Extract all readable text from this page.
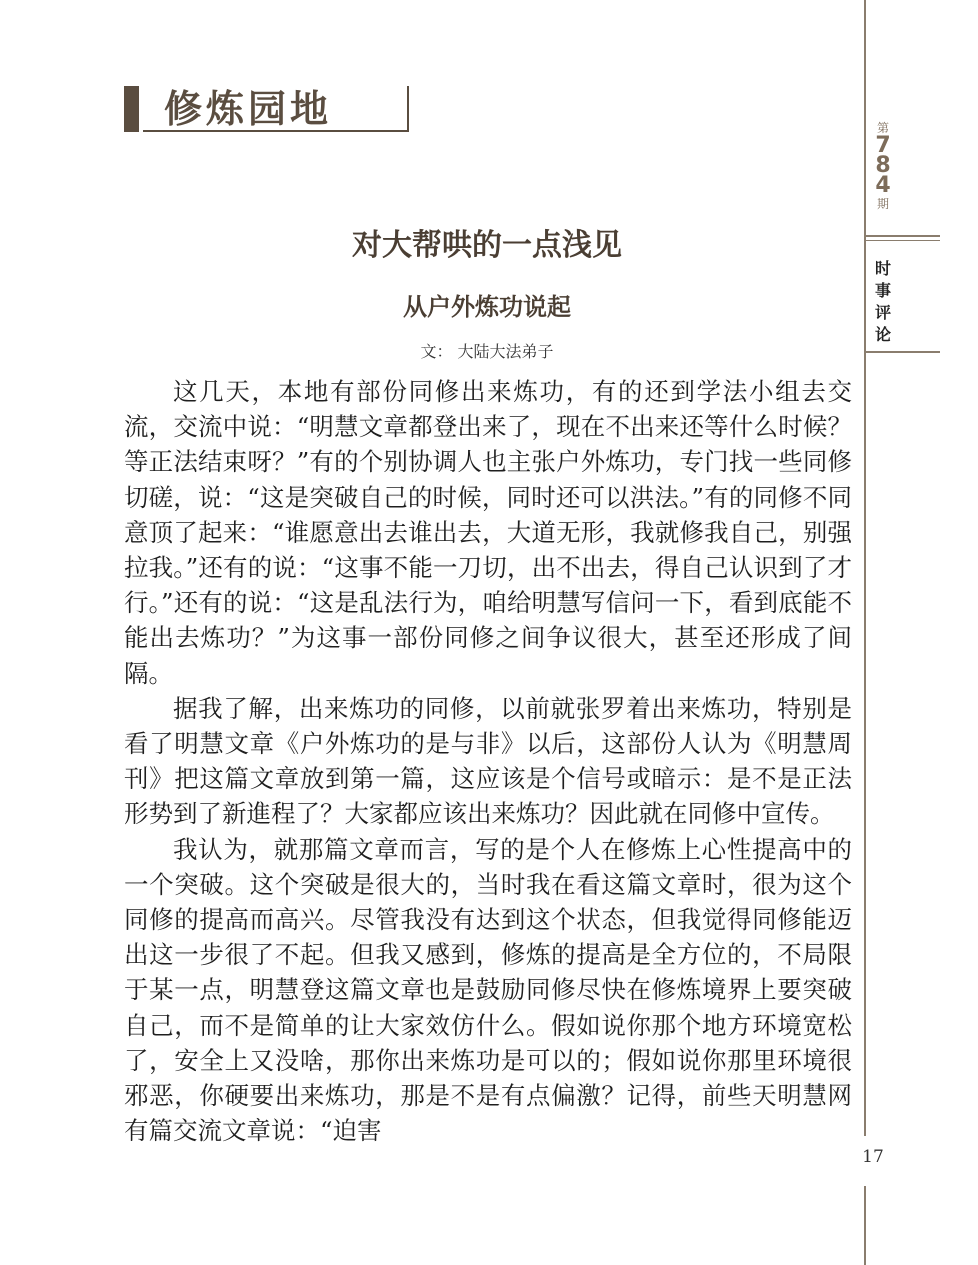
第
7
8
4
期
时
事
评
论
修炼园地
对大帮哄的一点浅见
从户外炼功说起
文： 大陆大法弟子

这几天，本地有部份同修出来炼功，有的还到学法小组去交流，交流中说：“明慧文章都登出来了，现在不出来还等什么时候？等正法结束呀？”有的个别协调人也主张户外炼功，专门找一些同修切磋，说：“这是突破自己的时候，同时还可以洪法。”有的同修不同意顶了起来：“谁愿意出去谁出去，大道无形，我就修我自己，别强拉我。”还有的说：“这事不能一刀切，出不出去，得自己认识到了才行。”还有的说：“这是乱法行为，咱给明慧写信问一下，看到底能不能出去炼功？”为这事一部份同修之间争议很大，甚至还形成了间隔。

据我了解，出来炼功的同修，以前就张罗着出来炼功，特别是看了明慧文章《户外炼功的是与非》以后，这部份人认为《明慧周刊》把这篇文章放到第一篇，这应该是个信号或暗示：是不是正法形势到了新進程了？大家都应该出来炼功？因此就在同修中宣传。

我认为，就那篇文章而言，写的是个人在修炼上心性提高中的一个突破。这个突破是很大的，当时我在看这篇文章时，很为这个同修的提高而高兴。尽管我没有达到这个状态，但我觉得同修能迈出这一步很了不起。但我又感到，修炼的提高是全方位的，不局限于某一点，明慧登这篇文章也是鼓励同修尽快在修炼境界上要突破自己，而不是简单的让大家效仿什么。假如说你那个地方环境宽松了，安全上又没啥，那你出来炼功是可以的；假如说你那里环境很邪恶，你硬要出来炼功，那是不是有点偏激？记得，前些天明慧网有篇交流文章说：“迫害

17
